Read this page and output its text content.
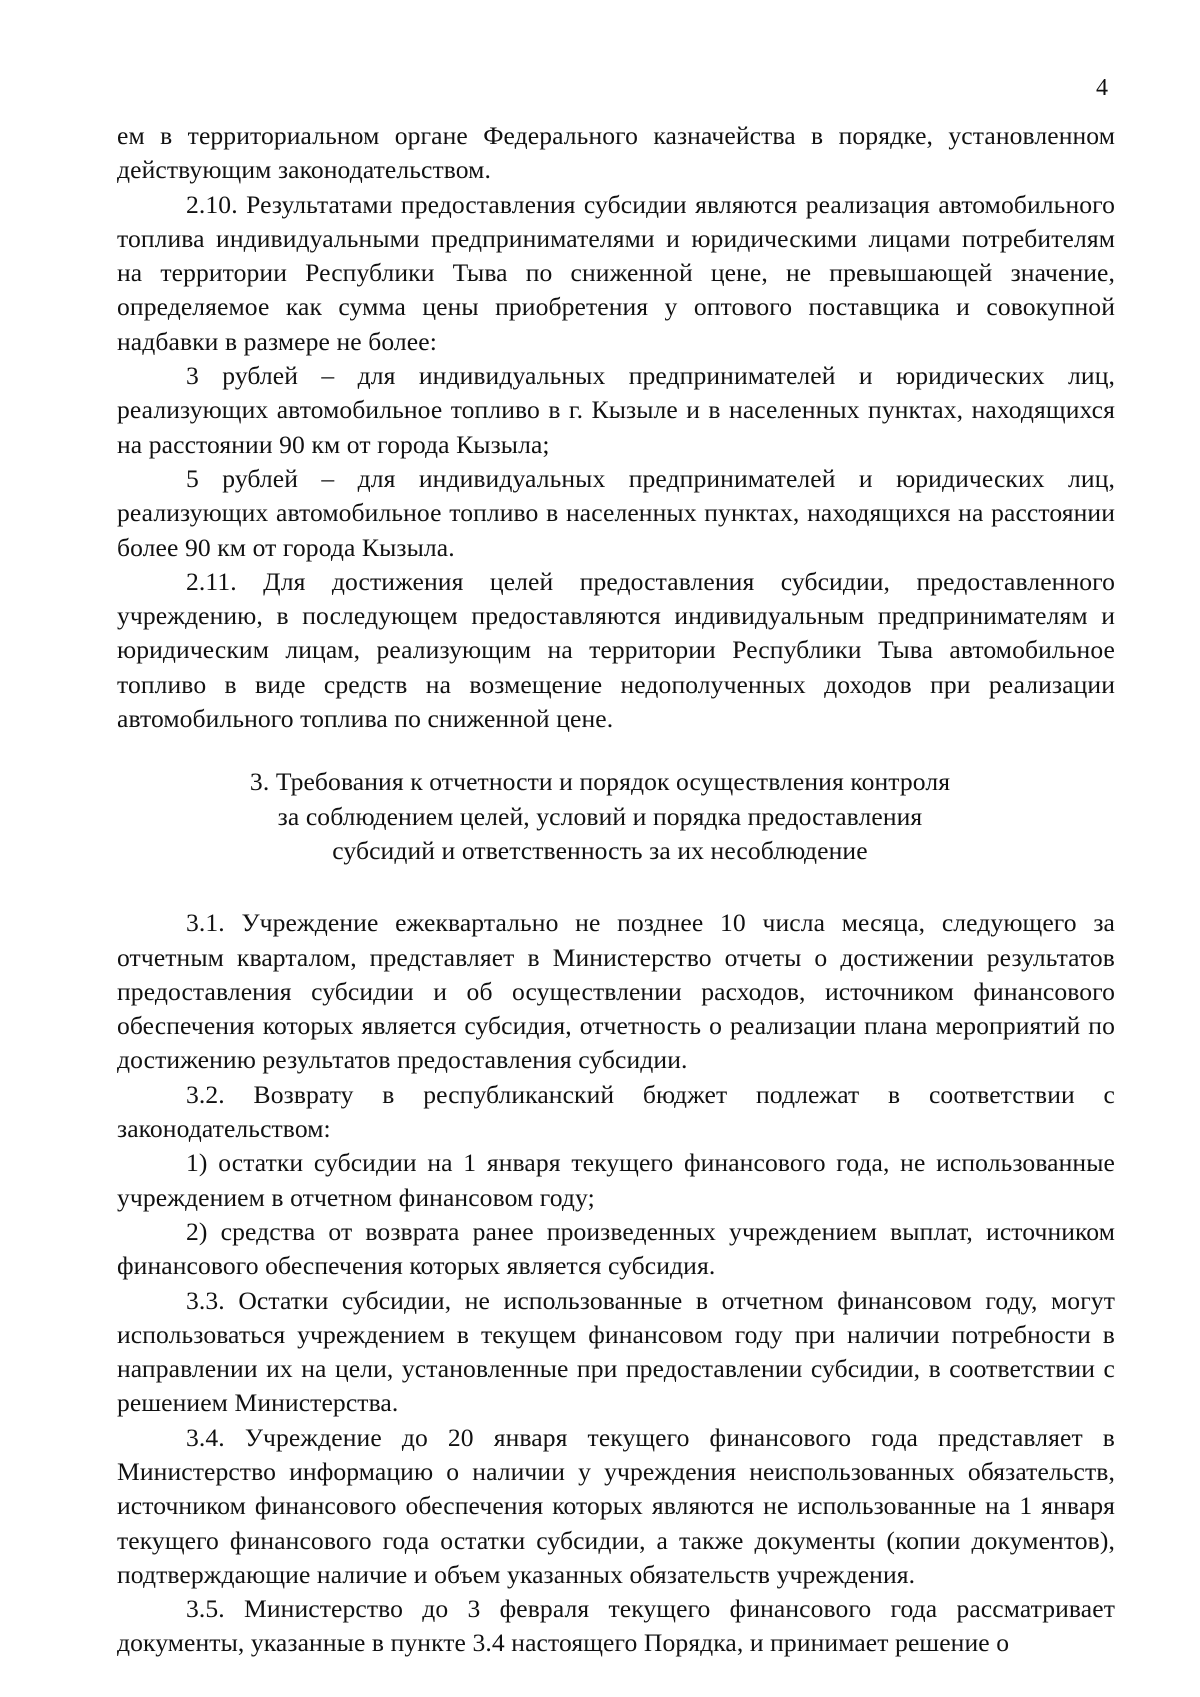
4

ем в территориальном органе Федерального казначейства в порядке, установленном действующим законодательством.

2.10. Результатами предоставления субсидии являются реализация автомобильного топлива индивидуальными предпринимателями и юридическими лицами потребителям на территории Республики Тыва по сниженной цене, не превышающей значение, определяемое как сумма цены приобретения у оптового поставщика и совокупной надбавки в размере не более:

3 рублей – для индивидуальных предпринимателей и юридических лиц, реализующих автомобильное топливо в г. Кызыле и в населенных пунктах, находящихся на расстоянии 90 км от города Кызыла;

5 рублей – для индивидуальных предпринимателей и юридических лиц, реализующих автомобильное топливо в населенных пунктах, находящихся на расстоянии более 90 км от города Кызыла.

2.11. Для достижения целей предоставления субсидии, предоставленного учреждению, в последующем предоставляются индивидуальным предпринимателям и юридическим лицам, реализующим на территории Республики Тыва автомобильное топливо в виде средств на возмещение недополученных доходов при реализации автомобильного топлива по сниженной цене.

3. Требования к отчетности и порядок осуществления контроля

за соблюдением целей, условий и порядка предоставления

субсидий и ответственность за их несоблюдение

3.1. Учреждение ежеквартально не позднее 10 числа месяца, следующего за отчетным кварталом, представляет в Министерство отчеты о достижении результатов предоставления субсидии и об осуществлении расходов, источником финансового обеспечения которых является субсидия, отчетность о реализации плана мероприятий по достижению результатов предоставления субсидии.

3.2. Возврату в республиканский бюджет подлежат в соответствии с законодательством:

1) остатки субсидии на 1 января текущего финансового года, не использованные учреждением в отчетном финансовом году;

2) средства от возврата ранее произведенных учреждением выплат, источником финансового обеспечения которых является субсидия.

3.3. Остатки субсидии, не использованные в отчетном финансовом году, могут использоваться учреждением в текущем финансовом году при наличии потребности в направлении их на цели, установленные при предоставлении субсидии, в соответствии с решением Министерства.

3.4. Учреждение до 20 января текущего финансового года представляет в Министерство информацию о наличии у учреждения неиспользованных обязательств, источником финансового обеспечения которых являются не использованные на 1 января текущего финансового года остатки субсидии, а также документы (копии документов), подтверждающие наличие и объем указанных обязательств учреждения.

3.5. Министерство до 3 февраля текущего финансового года рассматривает документы, указанные в пункте 3.4 настоящего Порядка, и принимает решение о
